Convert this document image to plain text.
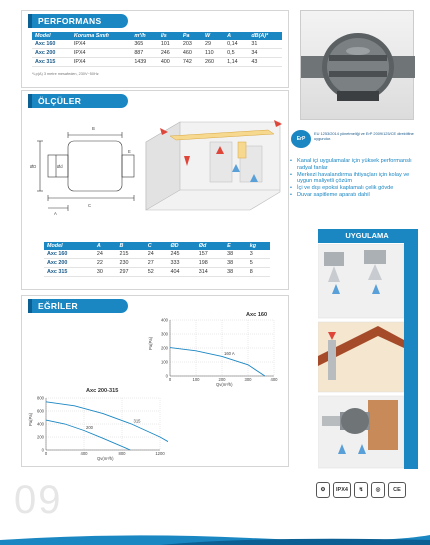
PERFORMANS
Model	Koruma Sınıfı	m³/h	l/s	Pa	W	A	dB(A)*
Axc 160	IPX4	365	101	203	29	0,14	31
Axc 200	IPX4	887	246	460	110	0,5	34
Axc 315	IPX4	1439	400	742	260	1,14	43
*Lp(A) 3 metre mesafeden, 230V~50Hz
ÖLÇÜLER
B
C
ØD	Ød
A
E
Model	A	B	C	ØD	Ød	E	kg
Axc 160	24	215	24	245	157	38	3
Axc 200	22	230	27	333	198	38	5
Axc 315	30	297	52	404	314	38	8
EĞRİLER
Axc 160
0
100
200
300
400
0	100	200	300	400
Qv(m³/h)
Pa(Pa)
160 A
Axc 200-315
0
200
400
600
800
0	400	800	1200
Qv(m³/h)
Pa(Pa)	315
200
ErP
EU 1253/2014 yönetmeliği ve ErP 2009/125/CE direktifine uygundur.
• Kanal içi uygulamalar için yüksek performanslı radyal fanlar
• Merkezi havalandırma ihtiyaçları için kolay ve uygun maliyetli çözüm
• İçi ve dışı epoksi kaplamalı çelik gövde
• Duvar sapitleme aparatı dahil
UYGULAMA
09	⚙	IPX4	↯	◎	CE
